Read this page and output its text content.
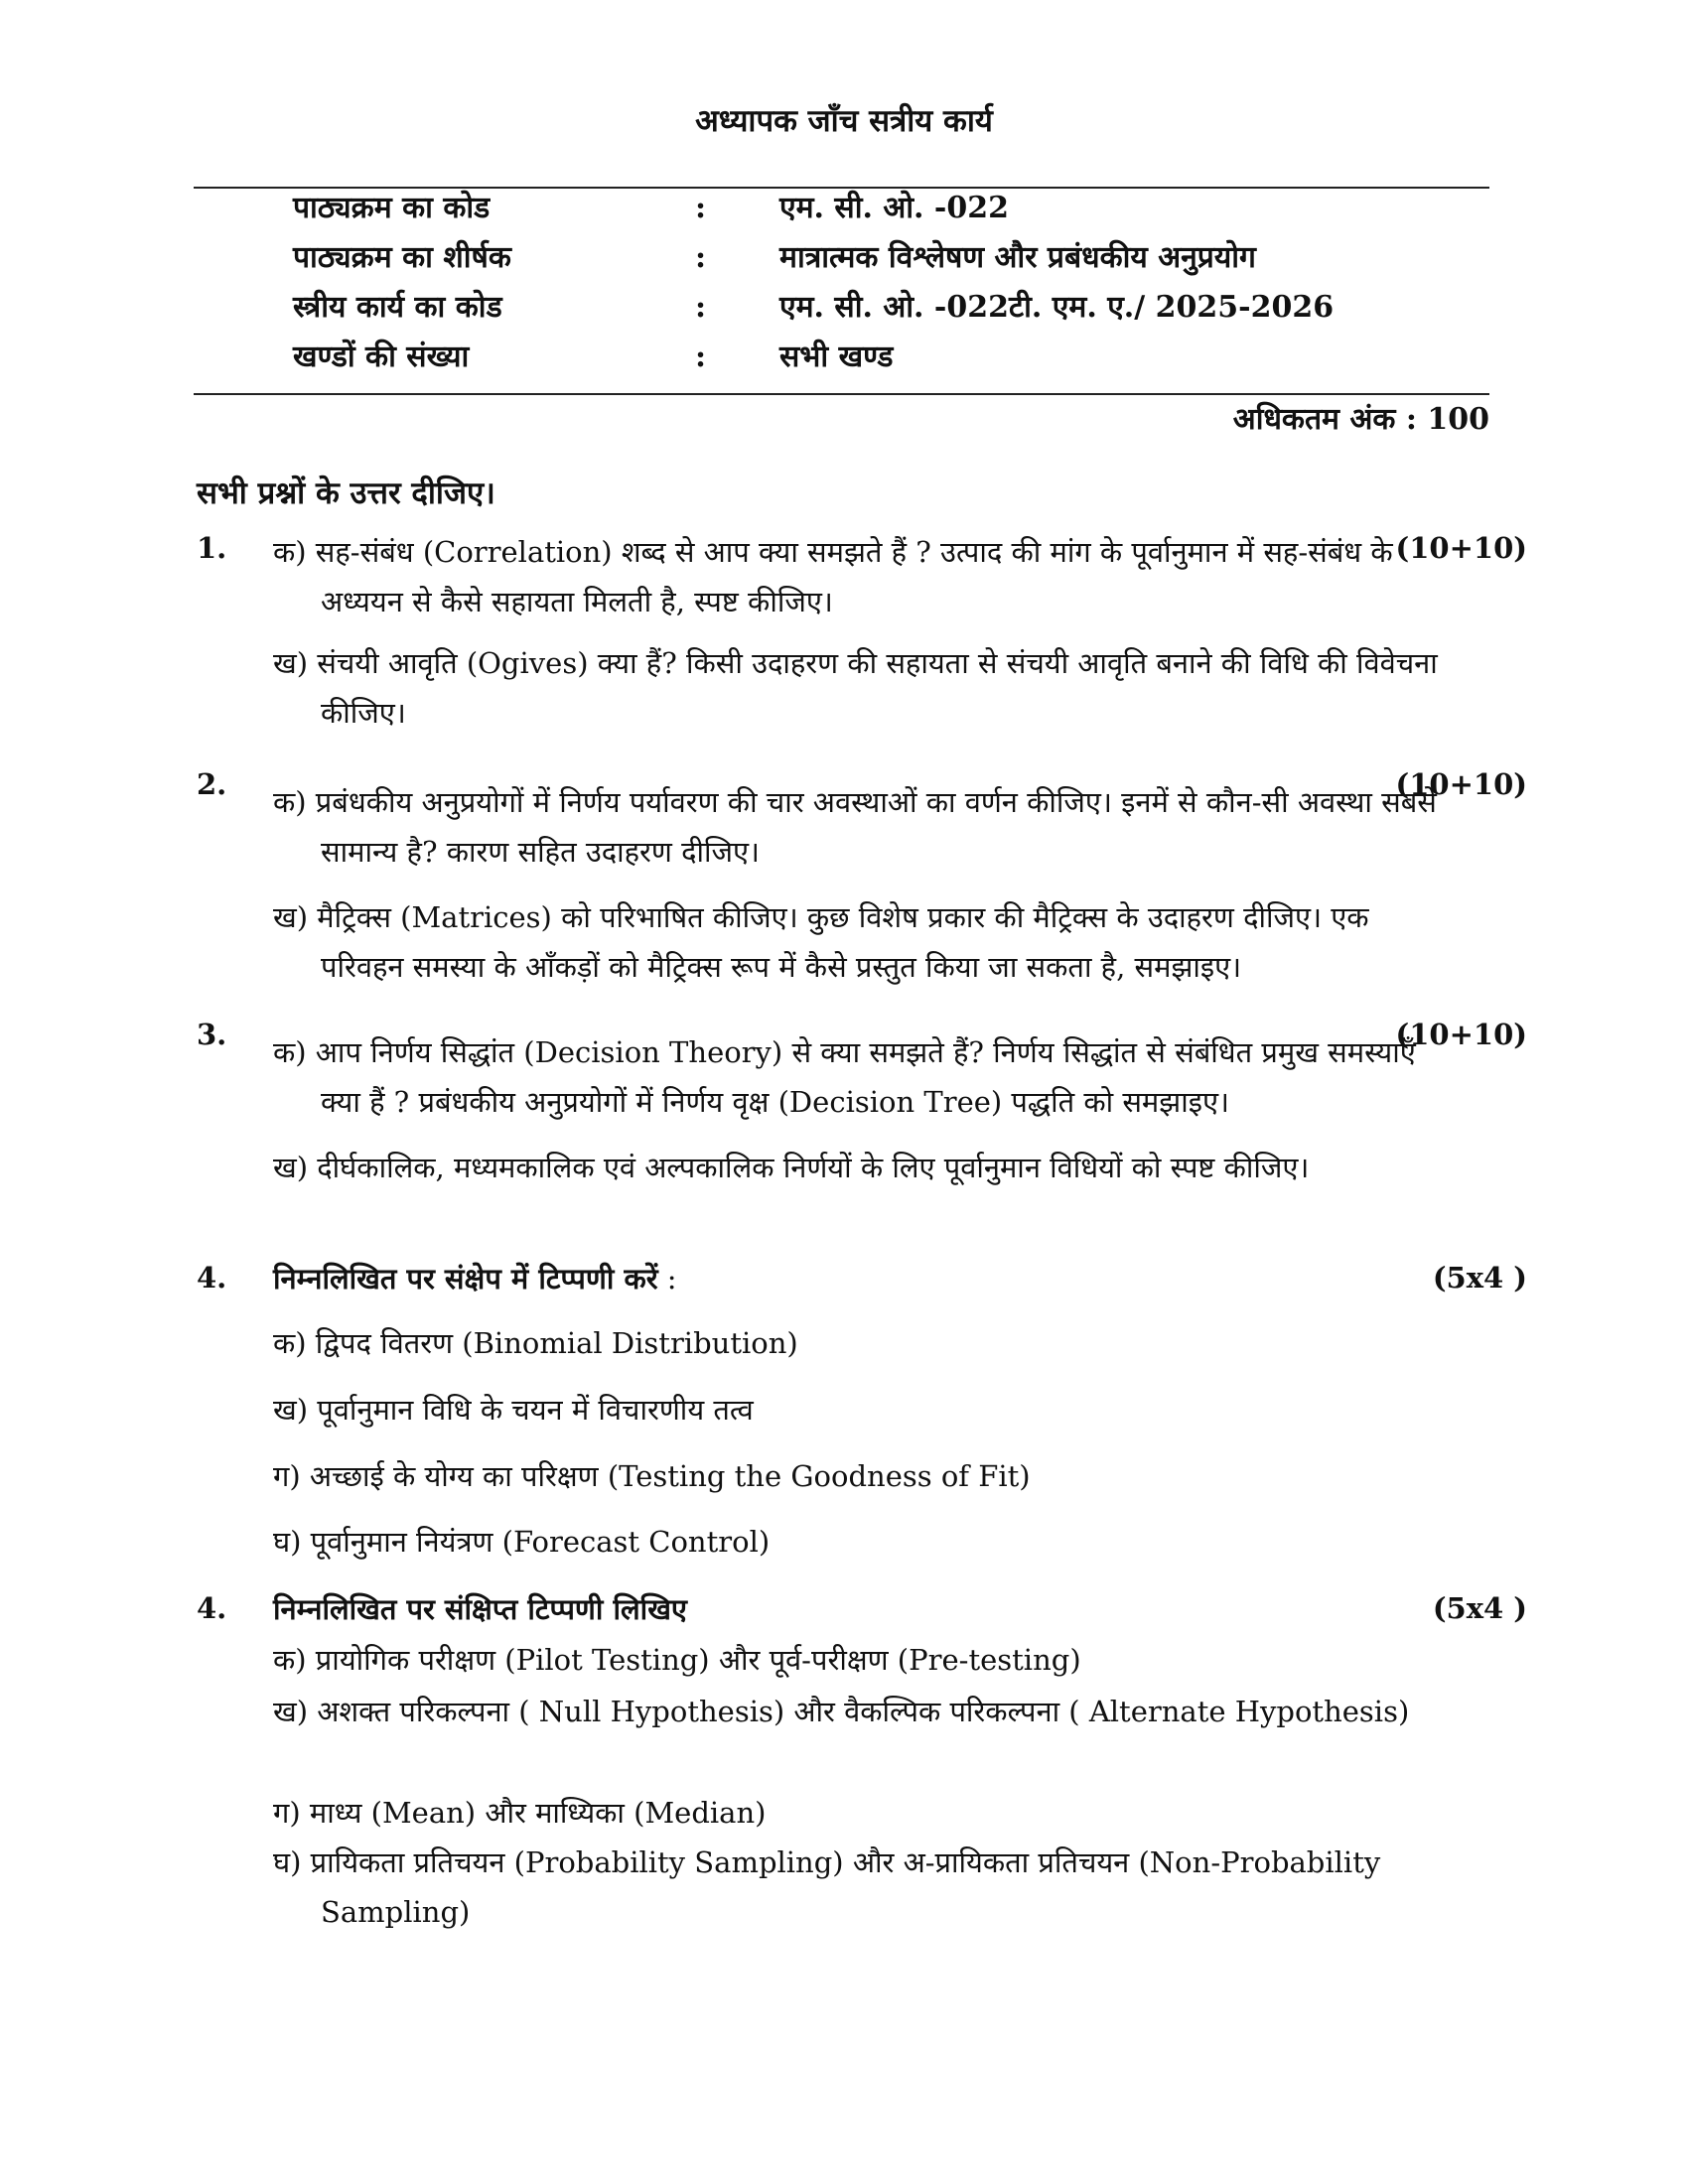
अध्यापक जाँच सत्रीय कार्य
पाठ्यक्रम का कोड	: एम. सी. ओ. -022
पाठ्यक्रम का शीर्षक	: मात्रात्मक विश्लेषण और प्रबंधकीय अनुप्रयोग
स्त्रीय कार्य का कोड	: एम. सी. ओ. -022टी. एम. ए./ 2025-2026
खण्डों की संख्या	: सभी खण्ड
अधिकतम अंक : 100
सभी प्रश्नों के उत्तर दीजिए।
1.	(10+10)
क) सह-संबंध (Correlation) शब्द से आप क्या समझते हैं ? उत्पाद की मांग के पूर्वानुमान में सह-संबंध के अध्ययन से कैसे सहायता मिलती है, स्पष्ट कीजिए।
ख) संचयी आवृति (Ogives) क्या हैं? किसी उदाहरण की सहायता से संचयी आवृति बनाने की विधि की विवेचना कीजिए।
2.	(10+10)
क) प्रबंधकीय अनुप्रयोगों में निर्णय पर्यावरण की चार अवस्थाओं का वर्णन कीजिए। इनमें से कौन-सी अवस्था सबसे सामान्य है? कारण सहित उदाहरण दीजिए।
ख) मैट्रिक्स (Matrices) को परिभाषित कीजिए। कुछ विशेष प्रकार की मैट्रिक्स के उदाहरण दीजिए। एक परिवहन समस्या के आँकड़ों को मैट्रिक्स रूप में कैसे प्रस्तुत किया जा सकता है, समझाइए।
3.	(10+10)
क) आप निर्णय सिद्धांत (Decision Theory) से क्या समझते हैं? निर्णय सिद्धांत से संबंधित प्रमुख समस्याएँ क्या हैं ? प्रबंधकीय अनुप्रयोगों में निर्णय वृक्ष (Decision Tree) पद्धति को समझाइए।
ख) दीर्घकालिक, मध्यमकालिक एवं अल्पकालिक निर्णयों के लिए पूर्वानुमान विधियों को स्पष्ट कीजिए।
4.	(5x4 )
निम्नलिखित पर संक्षेप में टिप्पणी करें :
क) द्विपद वितरण (Binomial Distribution)
ख) पूर्वानुमान विधि के चयन में विचारणीय तत्व
ग) अच्छाई के योग्य का परिक्षण (Testing the Goodness of Fit)
घ) पूर्वानुमान नियंत्रण (Forecast Control)
4.	(5x4 )
निम्नलिखित पर संक्षिप्त टिप्पणी लिखिए
क) प्रायोगिक परीक्षण (Pilot Testing) और पूर्व-परीक्षण (Pre-testing)
ख) अशक्त परिकल्पना ( Null Hypothesis) और वैकल्पिक परिकल्पना ( Alternate Hypothesis)
ग) माध्य (Mean) और माध्यिका (Median)
घ) प्रायिकता प्रतिचयन (Probability Sampling) और अ-प्रायिकता प्रतिचयन (Non-Probability Sampling)
